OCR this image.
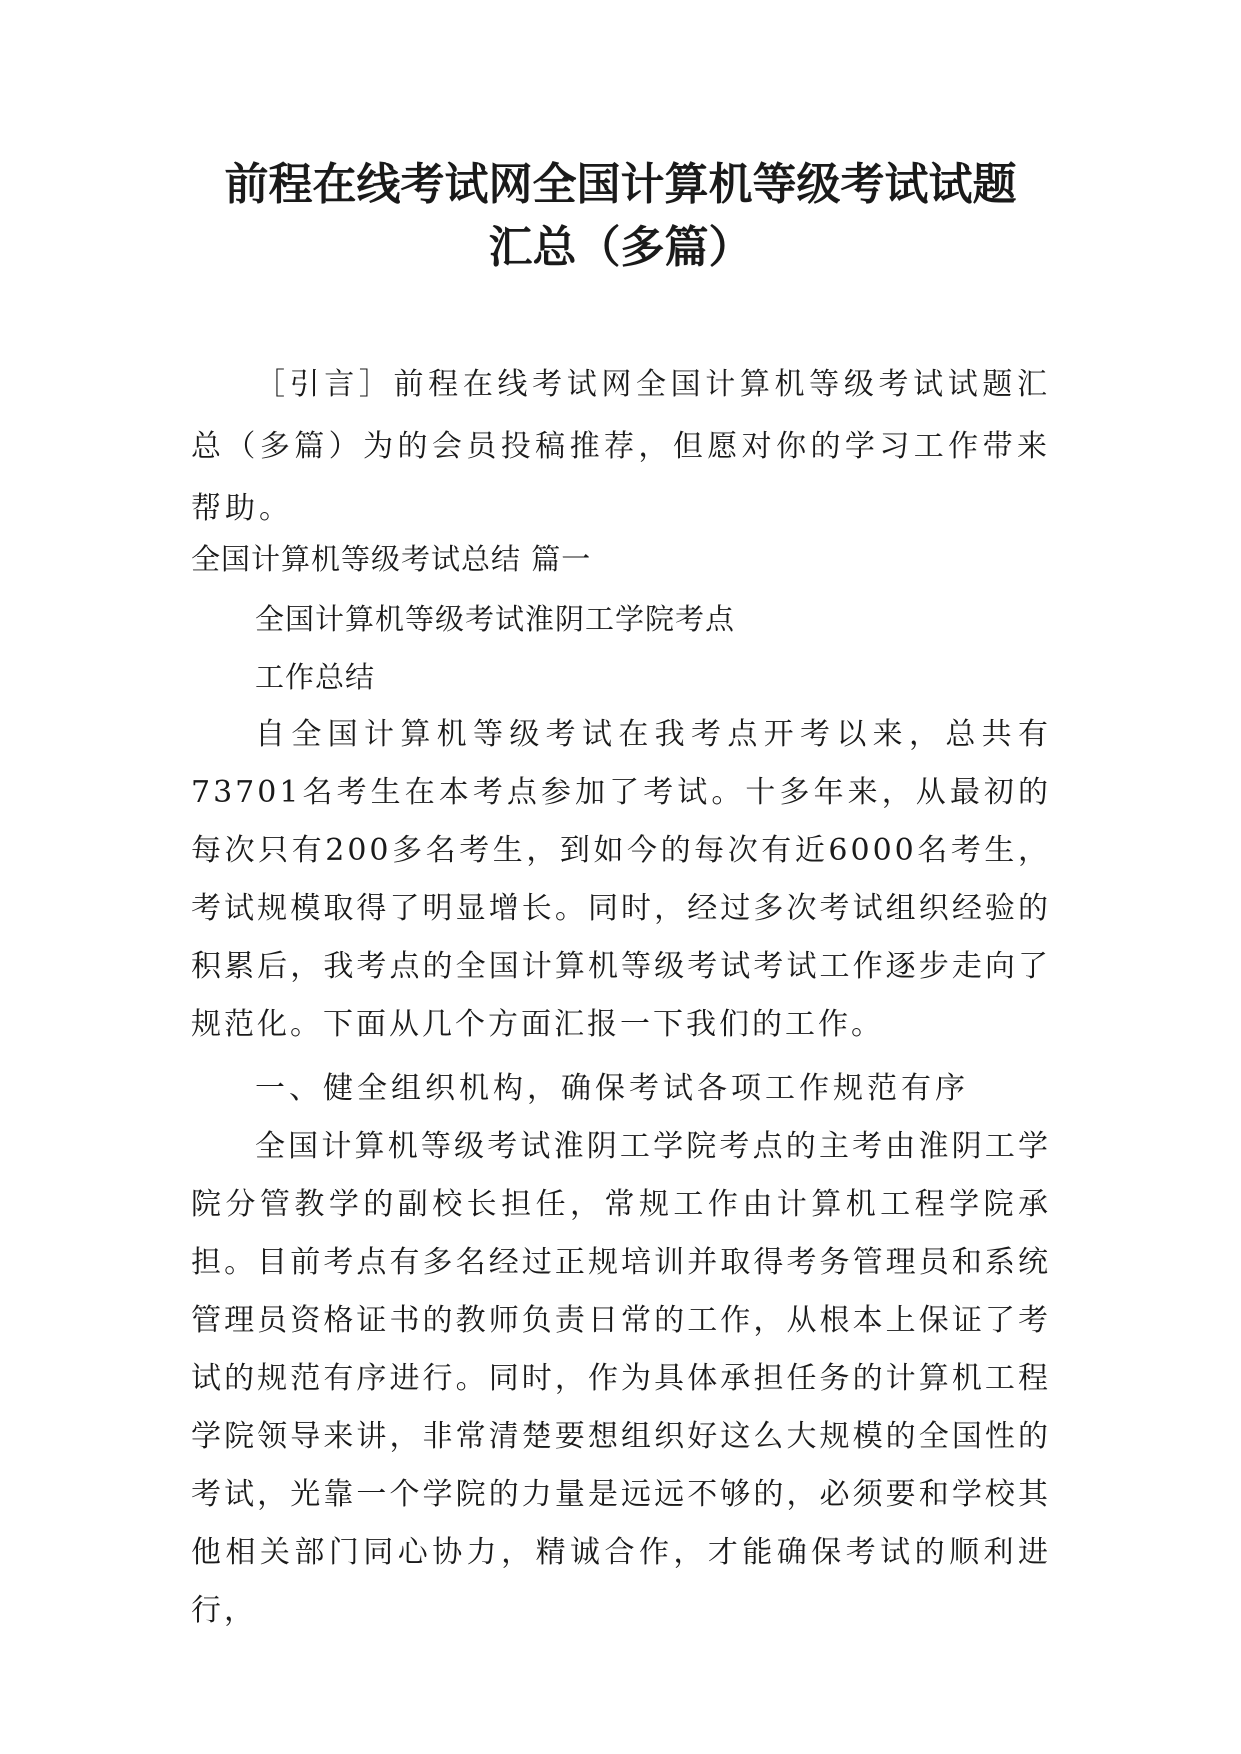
前程在线考试网全国计算机等级考试试题
汇总（多篇）

［引言］前程在线考试网全国计算机等级考试试题汇总（多篇）为的会员投稿推荐，但愿对你的学习工作带来帮助。

全国计算机等级考试总结 篇一

全国计算机等级考试淮阴工学院考点

工作总结

自全国计算机等级考试在我考点开考以来，总共有73701名考生在本考点参加了考试。十多年来，从最初的每次只有200多名考生，到如今的每次有近6000名考生，考试规模取得了明显增长。同时，经过多次考试组织经验的积累后，我考点的全国计算机等级考试考试工作逐步走向了规范化。下面从几个方面汇报一下我们的工作。

一、健全组织机构，确保考试各项工作规范有序

全国计算机等级考试淮阴工学院考点的主考由淮阴工学院分管教学的副校长担任，常规工作由计算机工程学院承担。目前考点有多名经过正规培训并取得考务管理员和系统管理员资格证书的教师负责日常的工作，从根本上保证了考试的规范有序进行。同时，作为具体承担任务的计算机工程学院领导来讲，非常清楚要想组织好这么大规模的全国性的考试，光靠一个学院的力量是远远不够的，必须要和学校其他相关部门同心协力，精诚合作，才能确保考试的顺利进行，
